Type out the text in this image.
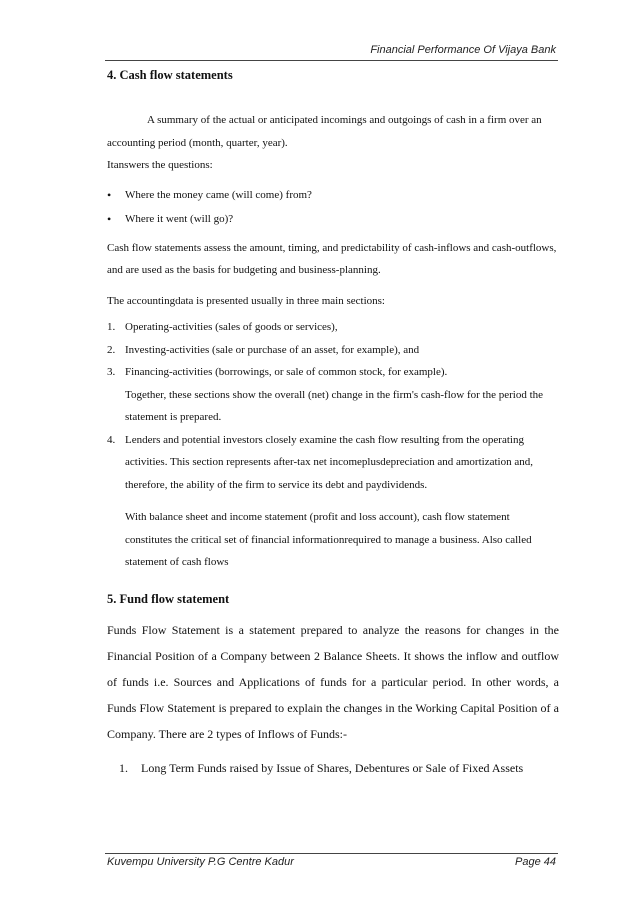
Financial Performance Of Vijaya Bank

4. Cash flow statements

A summary of the actual or anticipated incomings and outgoings of cash in a firm over an accounting period (month, quarter, year).

Itanswers the questions:

• Where the money came (will come) from?
• Where it went (will go)?

Cash flow statements assess the amount, timing, and predictability of cash-inflows and cash-outflows, and are used as the basis for budgeting and business-planning.

The accountingdata is presented usually in three main sections:

1. Operating-activities (sales of goods or services),
2. Investing-activities (sale or purchase of an asset, for example), and
3. Financing-activities (borrowings, or sale of common stock, for example).
Together, these sections show the overall (net) change in the firm's cash-flow for the period the statement is prepared.
4. Lenders and potential investors closely examine the cash flow resulting from the operating activities. This section represents after-tax net incomeplusdepreciation and amortization and, therefore, the ability of the firm to service its debt and paydividends.
With balance sheet and income statement (profit and loss account), cash flow statement constitutes the critical set of financial informationrequired to manage a business. Also called statement of cash flows

5. Fund flow statement

Funds Flow Statement is a statement prepared to analyze the reasons for changes in the Financial Position of a Company between 2 Balance Sheets. It shows the inflow and outflow of funds i.e. Sources and Applications of funds for a particular period. In other words, a Funds Flow Statement is prepared to explain the changes in the Working Capital Position of a Company. There are 2 types of Inflows of Funds:-

1. Long Term Funds raised by Issue of Shares, Debentures or Sale of Fixed Assets
Kuvempu University P.G Centre Kadur	Page 44
